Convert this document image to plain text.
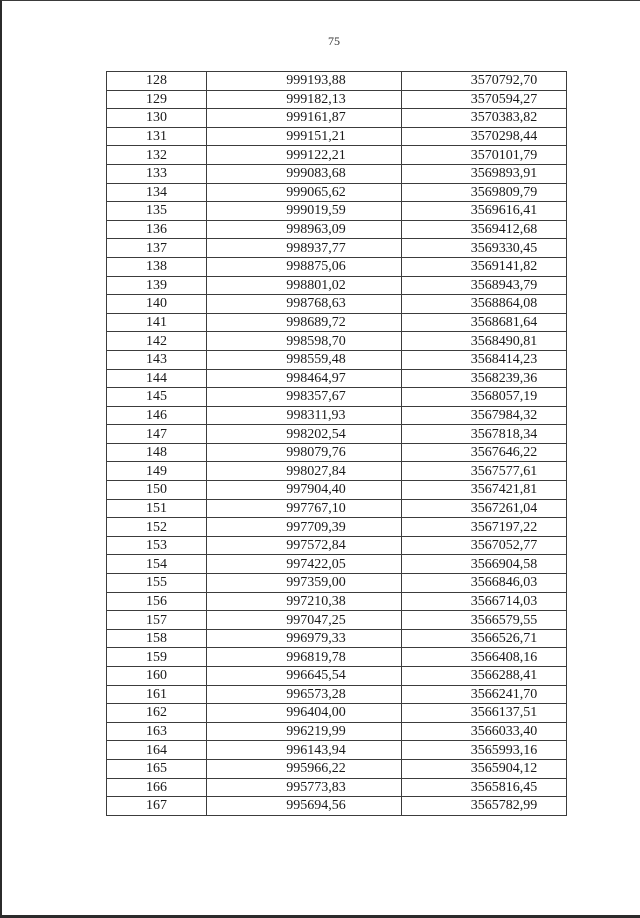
75
128	999193,88	3570792,70
129	999182,13	3570594,27
130	999161,87	3570383,82
131	999151,21	3570298,44
132	999122,21	3570101,79
133	999083,68	3569893,91
134	999065,62	3569809,79
135	999019,59	3569616,41
136	998963,09	3569412,68
137	998937,77	3569330,45
138	998875,06	3569141,82
139	998801,02	3568943,79
140	998768,63	3568864,08
141	998689,72	3568681,64
142	998598,70	3568490,81
143	998559,48	3568414,23
144	998464,97	3568239,36
145	998357,67	3568057,19
146	998311,93	3567984,32
147	998202,54	3567818,34
148	998079,76	3567646,22
149	998027,84	3567577,61
150	997904,40	3567421,81
151	997767,10	3567261,04
152	997709,39	3567197,22
153	997572,84	3567052,77
154	997422,05	3566904,58
155	997359,00	3566846,03
156	997210,38	3566714,03
157	997047,25	3566579,55
158	996979,33	3566526,71
159	996819,78	3566408,16
160	996645,54	3566288,41
161	996573,28	3566241,70
162	996404,00	3566137,51
163	996219,99	3566033,40
164	996143,94	3565993,16
165	995966,22	3565904,12
166	995773,83	3565816,45
167	995694,56	3565782,99
